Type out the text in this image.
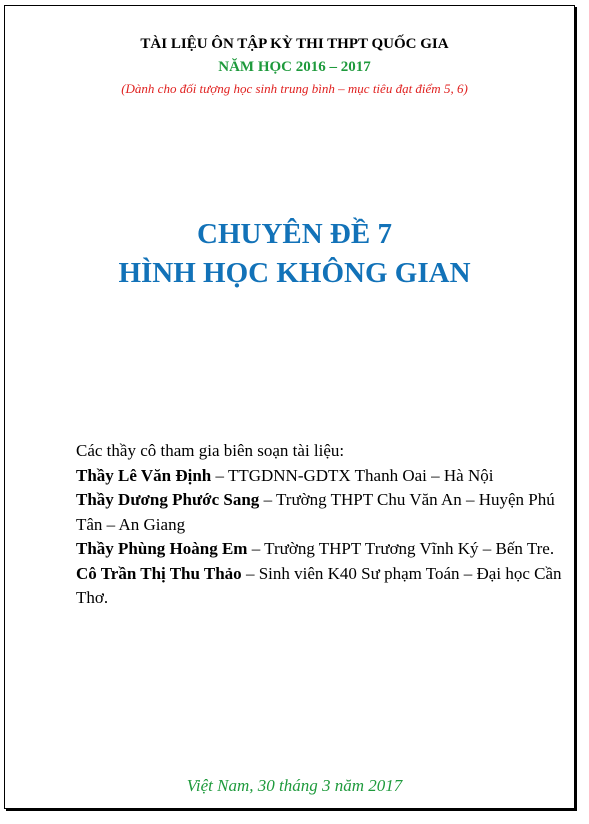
TÀI LIỆU ÔN TẬP KỲ THI THPT QUỐC GIA
NĂM HỌC 2016 – 2017
(Dành cho đối tượng học sinh trung bình – mục tiêu đạt điểm 5, 6)
CHUYÊN ĐỀ 7
HÌNH HỌC KHÔNG GIAN
Các thầy cô tham gia biên soạn tài liệu:
Thầy Lê Văn Định – TTGDNN-GDTX Thanh Oai – Hà Nội
Thầy Dương Phước Sang – Trường THPT Chu Văn An – Huyện Phú Tân – An Giang
Thầy Phùng Hoàng Em – Trường THPT Trương Vĩnh Ký – Bến Tre.
Cô Trần Thị Thu Thảo – Sinh viên K40 Sư phạm Toán – Đại học Cần Thơ.
Việt Nam, 30 tháng 3 năm 2017
